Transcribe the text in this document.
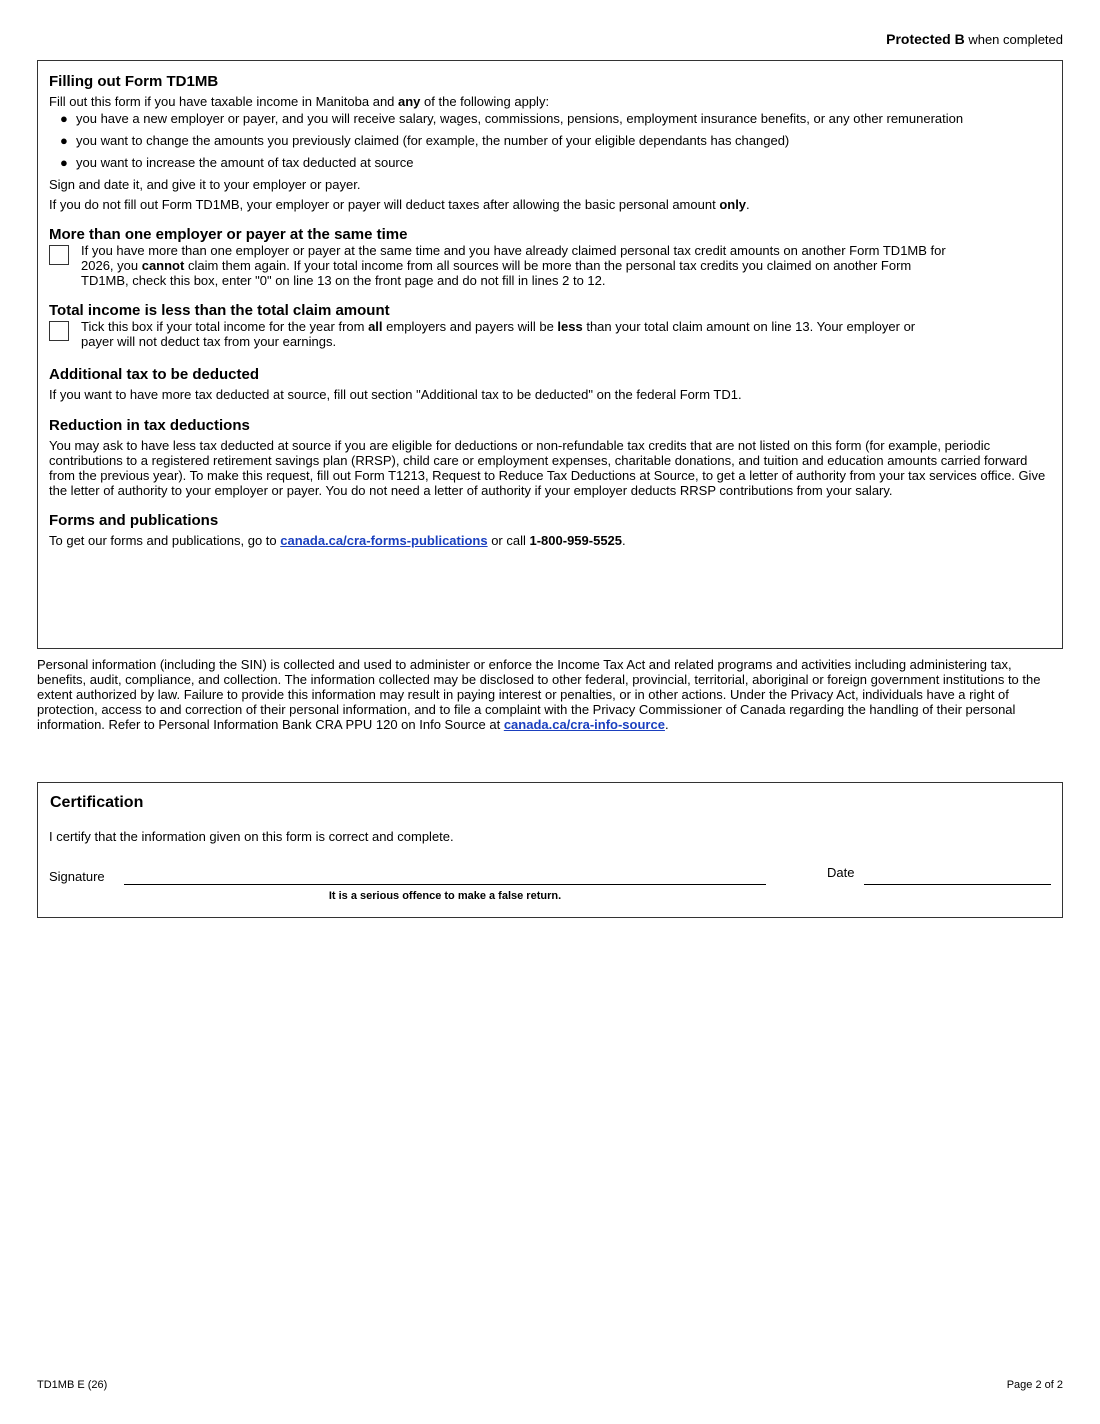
Protected B when completed
Filling out Form TD1MB

Fill out this form if you have taxable income in Manitoba and any of the following apply:

● you have a new employer or payer, and you will receive salary, wages, commissions, pensions, employment insurance benefits, or any other remuneration
● you want to change the amounts you previously claimed (for example, the number of your eligible dependants has changed)
● you want to increase the amount of tax deducted at source

Sign and date it, and give it to your employer or payer.

If you do not fill out Form TD1MB, your employer or payer will deduct taxes after allowing the basic personal amount only.

More than one employer or payer at the same time

If you have more than one employer or payer at the same time and you have already claimed personal tax credit amounts on another Form TD1MB for 2026, you cannot claim them again. If your total income from all sources will be more than the personal tax credits you claimed on another Form TD1MB, check this box, enter "0" on line 13 on the front page and do not fill in lines 2 to 12.

Total income is less than the total claim amount

Tick this box if your total income for the year from all employers and payers will be less than your total claim amount on line 13. Your employer or payer will not deduct tax from your earnings.

Additional tax to be deducted

If you want to have more tax deducted at source, fill out section "Additional tax to be deducted" on the federal Form TD1.

Reduction in tax deductions

You may ask to have less tax deducted at source if you are eligible for deductions or non-refundable tax credits that are not listed on this form (for example, periodic contributions to a registered retirement savings plan (RRSP), child care or employment expenses, charitable donations, and tuition and education amounts carried forward from the previous year). To make this request, fill out Form T1213, Request to Reduce Tax Deductions at Source, to get a letter of authority from your tax services office. Give the letter of authority to your employer or payer. You do not need a letter of authority if your employer deducts RRSP contributions from your salary.

Forms and publications

To get our forms and publications, go to canada.ca/cra-forms-publications or call 1-800-959-5525.

Personal information (including the SIN) is collected and used to administer or enforce the Income Tax Act and related programs and activities including administering tax, benefits, audit, compliance, and collection. The information collected may be disclosed to other federal, provincial, territorial, aboriginal or foreign government institutions to the extent authorized by law. Failure to provide this information may result in paying interest or penalties, or in other actions. Under the Privacy Act, individuals have a right of protection, access to and correction of their personal information, and to file a complaint with the Privacy Commissioner of Canada regarding the handling of their personal information. Refer to Personal Information Bank CRA PPU 120 on Info Source at canada.ca/cra-info-source.
Certification
I certify that the information given on this form is correct and complete.
Signature
It is a serious offence to make a false return.
Date
TD1MB E (26)	Page 2 of 2
